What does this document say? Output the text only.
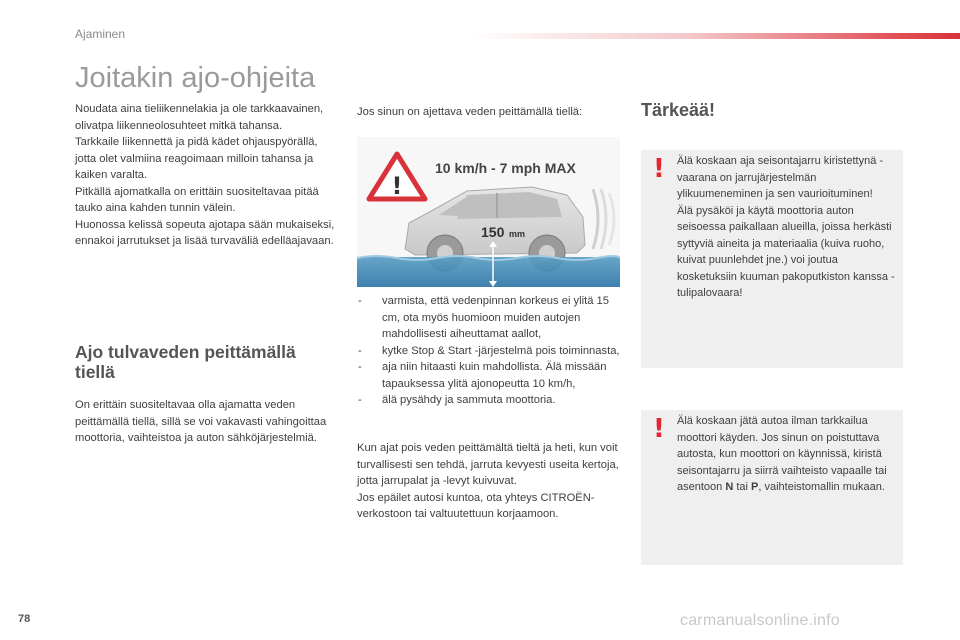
Ajaminen
Joitakin ajo-ohjeita

Noudata aina tieliikennelakia ja ole tarkkaavainen, olivatpa liikenneolosuhteet mitkä tahansa.
Tarkkaile liikennettä ja pidä kädet ohjauspyörällä, jotta olet valmiina reagoimaan milloin tahansa ja kaiken varalta.
Pitkällä ajomatkalla on erittäin suositeltavaa pitää tauko aina kahden tunnin välein.
Huonossa kelissä sopeuta ajotapa sään mukaiseksi, ennakoi jarrutukset ja lisää turvaväliä edelläajavaan.

Ajo tulvaveden peittämällä tiellä

On erittäin suositeltavaa olla ajamatta veden peittämällä tiellä, sillä se voi vakavasti vahingoittaa moottoria, vaihteistoa ja auton sähköjärjestelmiä.

Jos sinun on ajettava veden peittämällä tiellä:

!
10 km/h - 7 mph MAX
150 mm
- varmista, että vedenpinnan korkeus ei ylitä 15 cm, ota myös huomioon muiden autojen mahdollisesti aiheuttamat aallot,
- kytke Stop & Start -järjestelmä pois toiminnasta,
- aja niin hitaasti kuin mahdollista. Älä missään tapauksessa ylitä ajonopeutta 10 km/h,
- älä pysähdy ja sammuta moottoria.

Kun ajat pois veden peittämältä tieltä ja heti, kun voit turvallisesti sen tehdä, jarruta kevyesti useita kertoja, jotta jarrupalat ja -levyt kuivuvat.
Jos epäilet autosi kuntoa, ota yhteys CITROËN-verkostoon tai valtuutettuun korjaamoon.

Tärkeää!
! Älä koskaan aja seisontajarru kiristettynä - vaarana on jarrujärjestelmän ylikuumeneminen ja sen vaurioituminen!
Älä pysäköi ja käytä moottoria auton seisoessa paikallaan alueilla, joissa herkästi syttyviä aineita ja materiaalia (kuiva ruoho, kuivat puunlehdet jne.) voi joutua kosketuksiin kuuman pakoputkiston kanssa - tulipalovaara!

! Älä koskaan jätä autoa ilman tarkkailua moottori käyden. Jos sinun on poistuttava autosta, kun moottori on käynnissä, kiristä seisontajarru ja siirrä vaihteisto vapaalle tai asentoon N tai P, vaihteistomallin mukaan.

78	carmanualsonline.info
